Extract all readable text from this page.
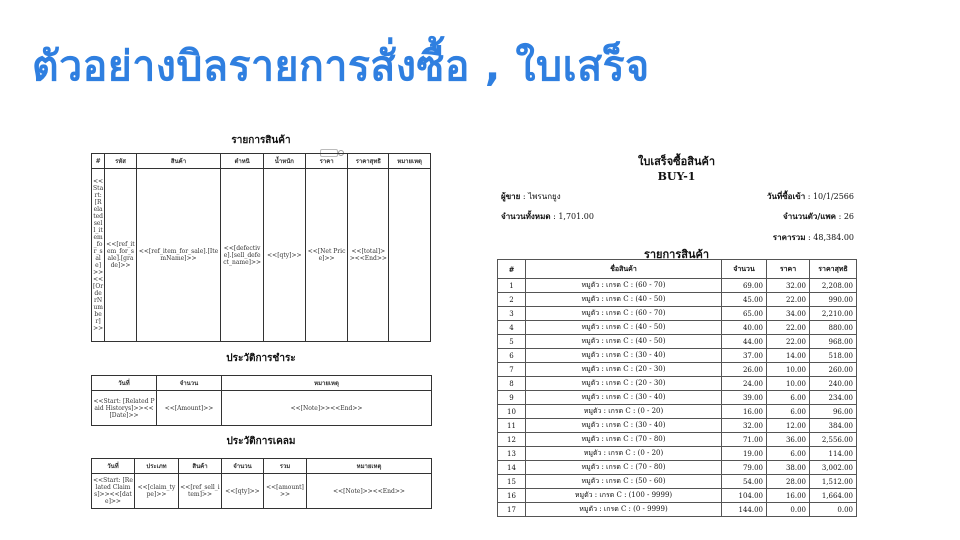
ตัวอย่างบิลรายการสั่งซื้อ , ใบเสร็จ
รายการสินค้า
#	รหัส	สินค้า	ตำหนิ	น้ำหนัก	ราคา	ราคาสุทธิ	หมายเหตุ
<<Start:[Related sell_item_for_sale]>><<[OrderNumber]>>	<<[ref_item_for_sale].[grade]>>	<<[ref_item_for_sale].[ItemName]>>	<<[defective].[sell_defect_name]>>	<<[qty]>>	<<[Net Price]>>	<<[total]>><<End>>	
ประวัติการชำระ
วันที่	จำนวน	หมายเหตุ
<<Start: [Related Paid Historys]>><<[Date]>>	<<[Amount]>>	<<[Note]>><<End>>
ประวัติการเคลม
วันที่	ประเภท	สินค้า	จำนวน	รวม	หมายเหตุ
<<Start: [Related Claims]>><<[date]>>	<<[claim_type]>>	<<[ref_sell_item]>>	<<[qty]>>	<<[amount]>>	<<[Note]>><<End>>
ใบเสร็จซื้อสินค้า
BUY-1
ผู้ขาย : ไพรนกยูง	วันที่ซื้อเข้า : 10/1/2566
จำนวนทั้งหมด : 1,701.00	จำนวนตัว/แพค : 26
ราคารวม : 48,384.00
รายการสินค้า
#	ชื่อสินค้า	จำนวน	ราคา	ราคาสุทธิ
1	หมูตัว : เกรด C : (60 - 70)	69.00	32.00	2,208.00
2	หมูตัว : เกรด C : (40 - 50)	45.00	22.00	990.00
3	หมูตัว : เกรด C : (60 - 70)	65.00	34.00	2,210.00
4	หมูตัว : เกรด C : (40 - 50)	40.00	22.00	880.00
5	หมูตัว : เกรด C : (40 - 50)	44.00	22.00	968.00
6	หมูตัว : เกรด C : (30 - 40)	37.00	14.00	518.00
7	หมูตัว : เกรด C : (20 - 30)	26.00	10.00	260.00
8	หมูตัว : เกรด C : (20 - 30)	24.00	10.00	240.00
9	หมูตัว : เกรด C : (30 - 40)	39.00	6.00	234.00
10	หมูตัว : เกรด C : (0 - 20)	16.00	6.00	96.00
11	หมูตัว : เกรด C : (30 - 40)	32.00	12.00	384.00
12	หมูตัว : เกรด C : (70 - 80)	71.00	36.00	2,556.00
13	หมูตัว : เกรด C : (0 - 20)	19.00	6.00	114.00
14	หมูตัว : เกรด C : (70 - 80)	79.00	38.00	3,002.00
15	หมูตัว : เกรด C : (50 - 60)	54.00	28.00	1,512.00
16	หมูตัว : เกรด C : (100 - 9999)	104.00	16.00	1,664.00
17	หมูตัว : เกรด C : (0 - 9999)	144.00	0.00	0.00
